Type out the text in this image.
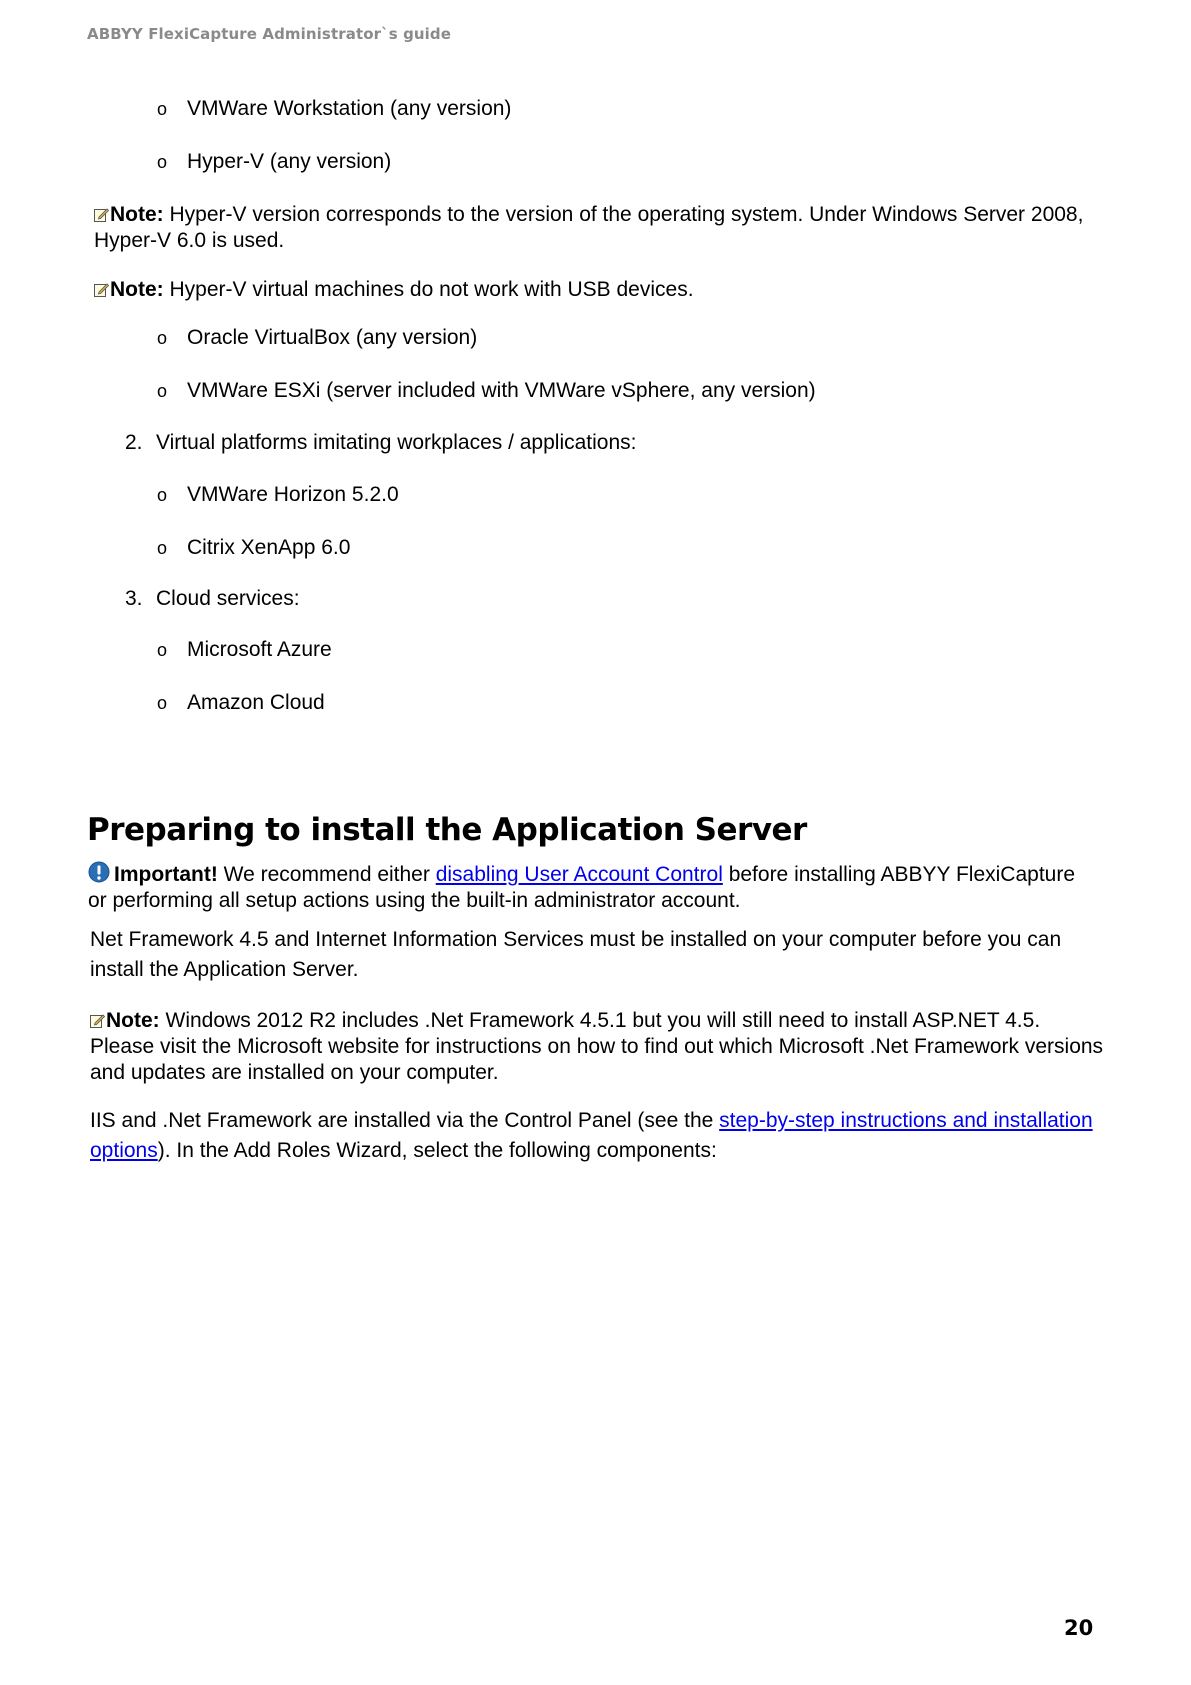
ABBYY FlexiCapture Administrator`s guide
o VMWare Workstation (any version)
o Hyper-V (any version)
Note: Hyper-V version corresponds to the version of the operating system. Under Windows Server 2008, Hyper-V 6.0 is used.
Note: Hyper-V virtual machines do not work with USB devices.
o Oracle VirtualBox (any version)
o VMWare ESXi (server included with VMWare vSphere, any version)
2. Virtual platforms imitating workplaces / applications:
o VMWare Horizon 5.2.0
o Citrix XenApp 6.0
3. Cloud services:
o Microsoft Azure
o Amazon Cloud
Preparing to install the Application Server
Important! We recommend either disabling User Account Control before installing ABBYY FlexiCapture or performing all setup actions using the built-in administrator account.
Net Framework 4.5 and Internet Information Services must be installed on your computer before you can install the Application Server.
Note: Windows 2012 R2 includes .Net Framework 4.5.1 but you will still need to install ASP.NET 4.5. Please visit the Microsoft website for instructions on how to find out which Microsoft .Net Framework versions and updates are installed on your computer.
IIS and .Net Framework are installed via the Control Panel (see the step-by-step instructions and installation options). In the Add Roles Wizard, select the following components:
20
